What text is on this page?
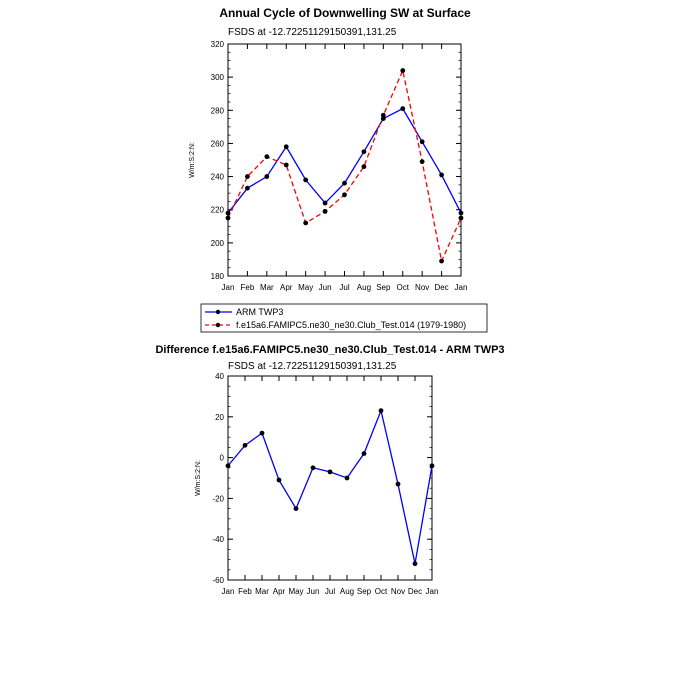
Annual Cycle of Downwelling SW at Surface
FSDS at -12.72251129150391,131.25
W/m:S:2:N:
180
200
220
240
260
280
300
320
Jan Feb Mar Apr May Jun Jul Aug Sep Oct Nov Dec Jan
ARM TWP3
f.e15a6.FAMIPC5.ne30_ne30.Club_Test.014 (1979-1980)
Difference f.e15a6.FAMIPC5.ne30_ne30.Club_Test.014 - ARM TWP3
FSDS at -12.72251129150391,131.25
W/m:S:2:N:
-60
-40
-20
0
20
40
Jan Feb Mar Apr May Jun Jul Aug Sep Oct Nov Dec Jan
